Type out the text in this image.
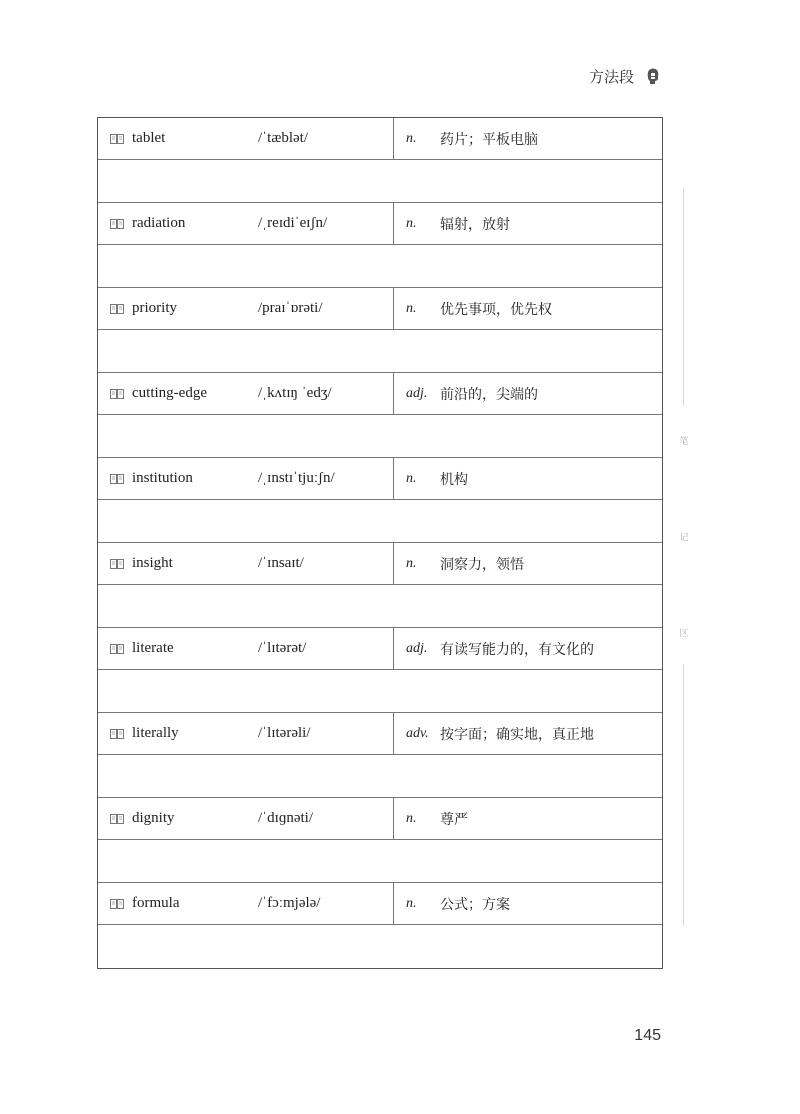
方法段
tablet	/ˈtæblət/	n.	药片；平板电脑
radiation	/ˌreɪdiˈeɪʃn/	n.	辐射，放射
priority	/praɪˈɒrəti/	n.	优先事项，优先权
cutting-edge	/ˌkʌtɪŋ ˈedʒ/	adj. 前沿的，尖端的
institution	/ˌɪnstɪˈtjuːʃn/	n.	机构
insight	/ˈɪnsaɪt/	n.	洞察力，领悟
literate	/ˈlɪtərət/	adj. 有读写能力的，有文化的
literally	/ˈlɪtərəli/	adv. 按字面；确实地，真正地
dignity	/ˈdɪɡnəti/	n.	尊严
formula	/ˈfɔːmjələ/	n.	公式；方案
笔
记
区
145
